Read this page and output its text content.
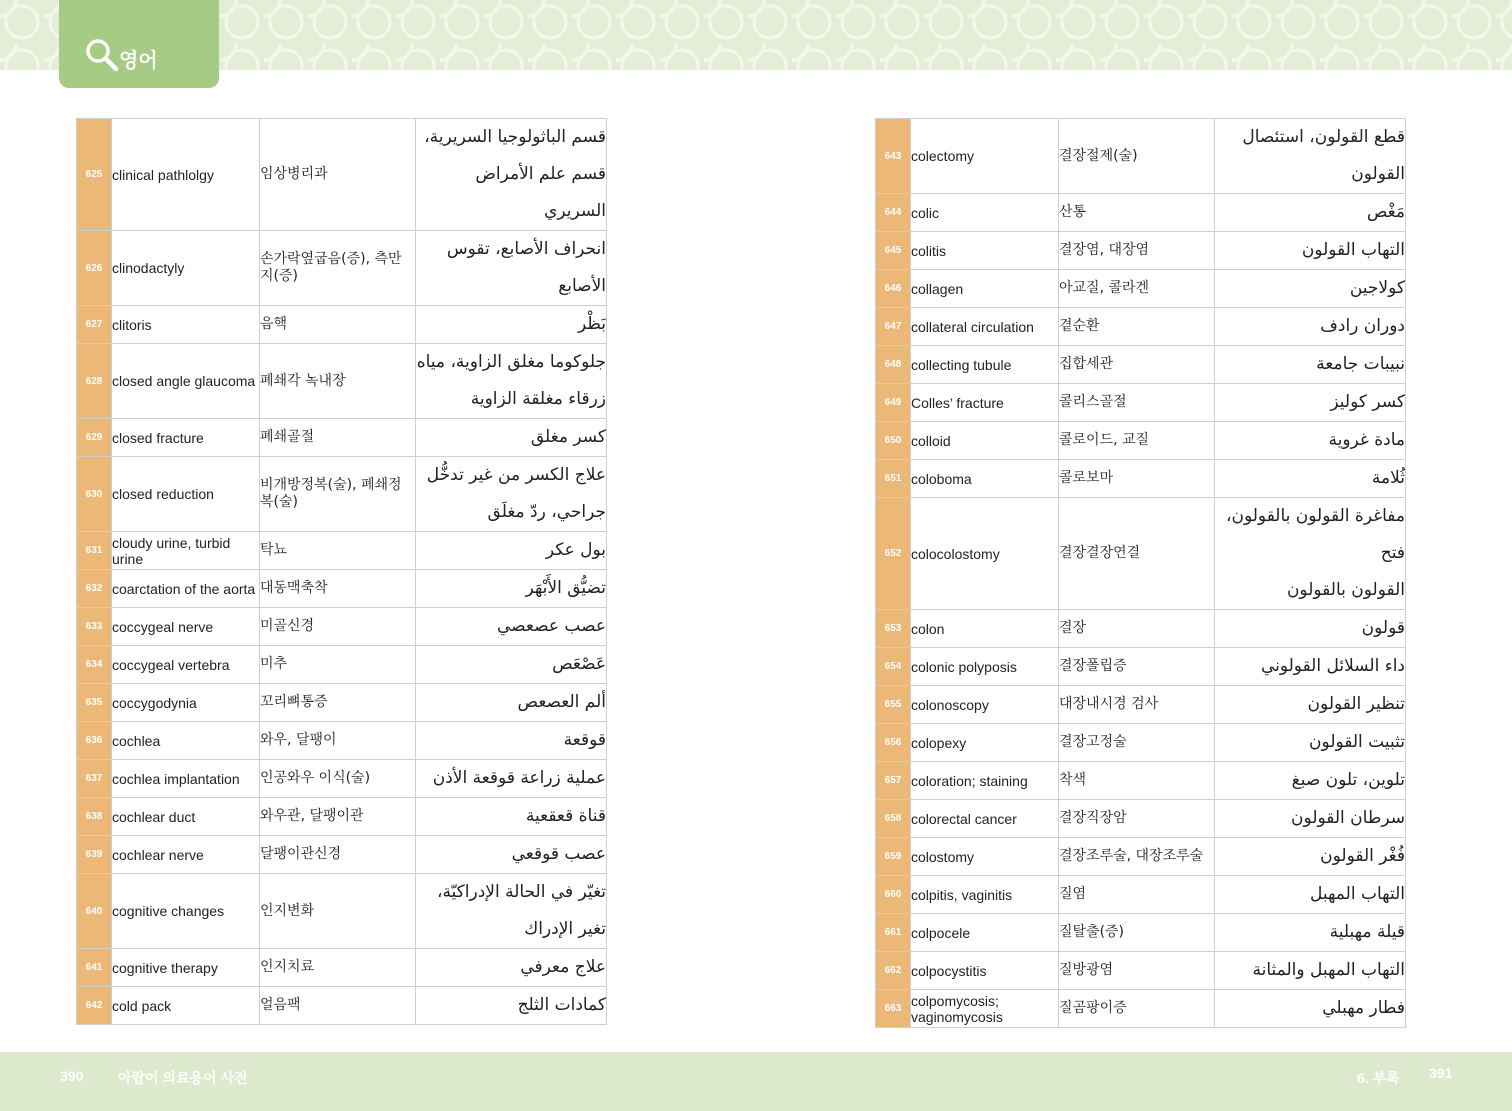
영어
625	clinical pathlolgy	임상병리과	قسم الباثولوجيا السريرية،
قسم علم الأمراض السريري

626	clinodactyly	손가락옆굽음(증), 측만지(증)	انحراف الأصابع، تقوس
الأصابع

627	clitoris	음핵	بَظْر

628	closed angle glaucoma	폐쇄각 녹내장	جلوكوما مغلق الزاوية، مياه
زرقاء مغلقة الزاوية

629	closed fracture	폐쇄골절	كسر مغلق

630	closed reduction	비개방정복(술), 폐쇄정복(술)	علاج الكسر من غير تدخُّل
جراحي، ردّ مغلَق

631	cloudy urine, turbid urine	탁뇨	بول عكر

632	coarctation of the aorta	대동맥축착	تضيُّق الأَبْهَر

633	coccygeal nerve	미골신경	عصب عصعصي

634	coccygeal vertebra	미추	عَصْعَص

635	coccygodynia	꼬리뼈통증	ألم العصعص

636	cochlea	와우, 달팽이	قوقعة

637	cochlea implantation	인공와우 이식(술)	عملية زراعة قوقعة الأذن

638	cochlear duct	와우관, 달팽이관	قناة قعقعية

639	cochlear nerve	달팽이관신경	عصب قوقعي

640	cognitive changes	인지변화	تغيّر في الحالة الإدراكيّة،
تغير الإدراك

641	cognitive therapy	인지치료	علاج معرفي

642	cold pack	얼음팩	كمادات الثلج
643	colectomy	결장절제(술)	قطع القولون، استئصال
القولون

644	colic	산통	مَغْص

645	colitis	결장염, 대장염	التهاب القولون

646	collagen	아교질, 콜라겐	كولاجين

647	collateral circulation	곁순환	دوران رادف

648	collecting tubule	집합세관	نبيبات جامعة

649	Colles’ fracture	콜리스골절	كسر كوليز

650	colloid	콜로이드, 교질	مادة غروية

651	coloboma	콜로보마	ثُلامة

652	colocolostomy	결장결장연결	مفاغرة القولون بالقولون، فتح
القولون بالقولون

653	colon	결장	قولون

654	colonic polyposis	결장폴립증	داء السلائل القولوني

655	colonoscopy	대장내시경 검사	تنظير القولون

656	colopexy	결장고정술	تثبيت القولون

657	coloration; staining	착색	تلوين، تلون صبغ

658	colorectal cancer	결장직장암	سرطان القولون

659	colostomy	결장조루술, 대장조루술	فُغْر القولون

660	colpitis, vaginitis	질염	التهاب المهبل

661	colpocele	질탈출(증)	قيلة مهبلية

662	colpocystitis	질방광염	التهاب المهبل والمثانة

663	colpomycosis; vaginomycosis	질곰팡이증	فطار مهبلي
390 아랍어 의료용어 사전	6. 부록 391
